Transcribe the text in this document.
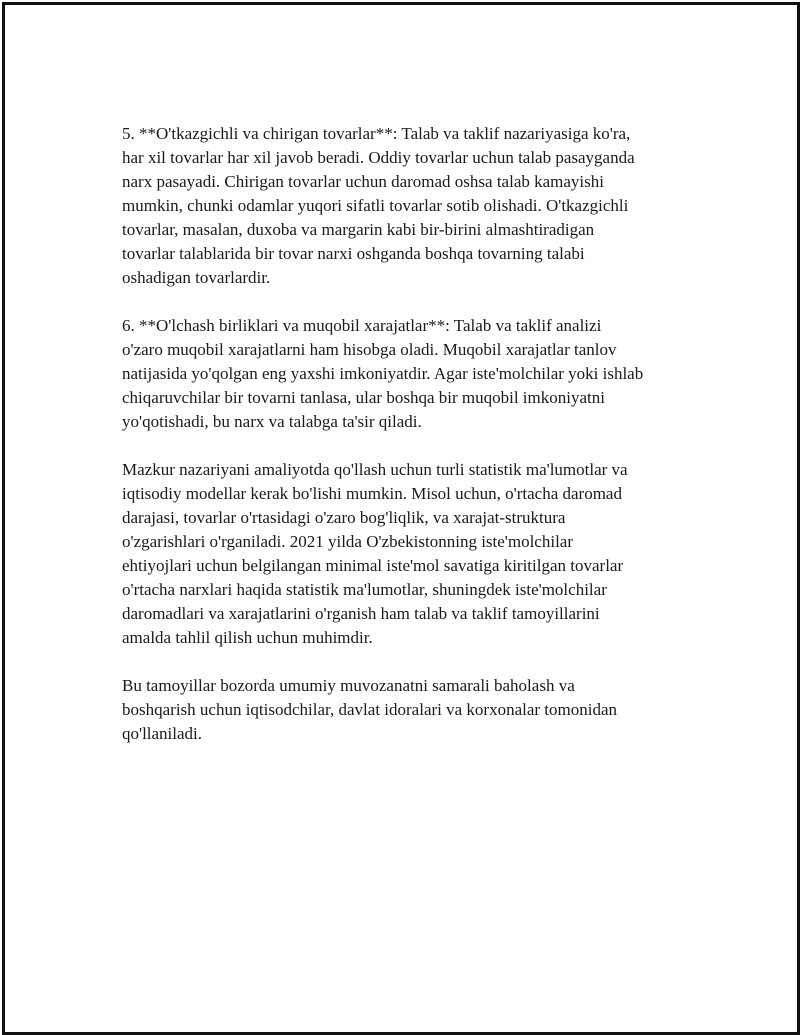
5. **O'tkazgichli va chirigan tovarlar**: Talab va taklif nazariyasiga ko'ra,
har xil tovarlar har xil javob beradi. Oddiy tovarlar uchun talab pasayganda
narx pasayadi. Chirigan tovarlar uchun daromad oshsa talab kamayishi
mumkin, chunki odamlar yuqori sifatli tovarlar sotib olishadi. O'tkazgichli
tovarlar, masalan, duxoba va margarin kabi bir-birini almashtiradigan
tovarlar talablarida bir tovar narxi oshganda boshqa tovarning talabi
oshadigan tovarlardir.

6. **O'lchash birliklari va muqobil xarajatlar**: Talab va taklif analizi
o'zaro muqobil xarajatlarni ham hisobga oladi. Muqobil xarajatlar tanlov
natijasida yo'qolgan eng yaxshi imkoniyatdir. Agar iste'molchilar yoki ishlab
chiqaruvchilar bir tovarni tanlasa, ular boshqa bir muqobil imkoniyatni
yo'qotishadi, bu narx va talabga ta'sir qiladi.

Mazkur nazariyani amaliyotda qo'llash uchun turli statistik ma'lumotlar va
iqtisodiy modellar kerak bo'lishi mumkin. Misol uchun, o'rtacha daromad
darajasi, tovarlar o'rtasidagi o'zaro bog'liqlik, va xarajat-struktura
o'zgarishlari o'rganiladi. 2021 yilda O'zbekistonning iste'molchilar
ehtiyojlari uchun belgilangan minimal iste'mol savatiga kiritilgan tovarlar
o'rtacha narxlari haqida statistik ma'lumotlar, shuningdek iste'molchilar
daromadlari va xarajatlarini o'rganish ham talab va taklif tamoyillarini
amalda tahlil qilish uchun muhimdir.

Bu tamoyillar bozorda umumiy muvozanatni samarali baholash va
boshqarish uchun iqtisodchilar, davlat idoralari va korxonalar tomonidan
qo'llaniladi.
